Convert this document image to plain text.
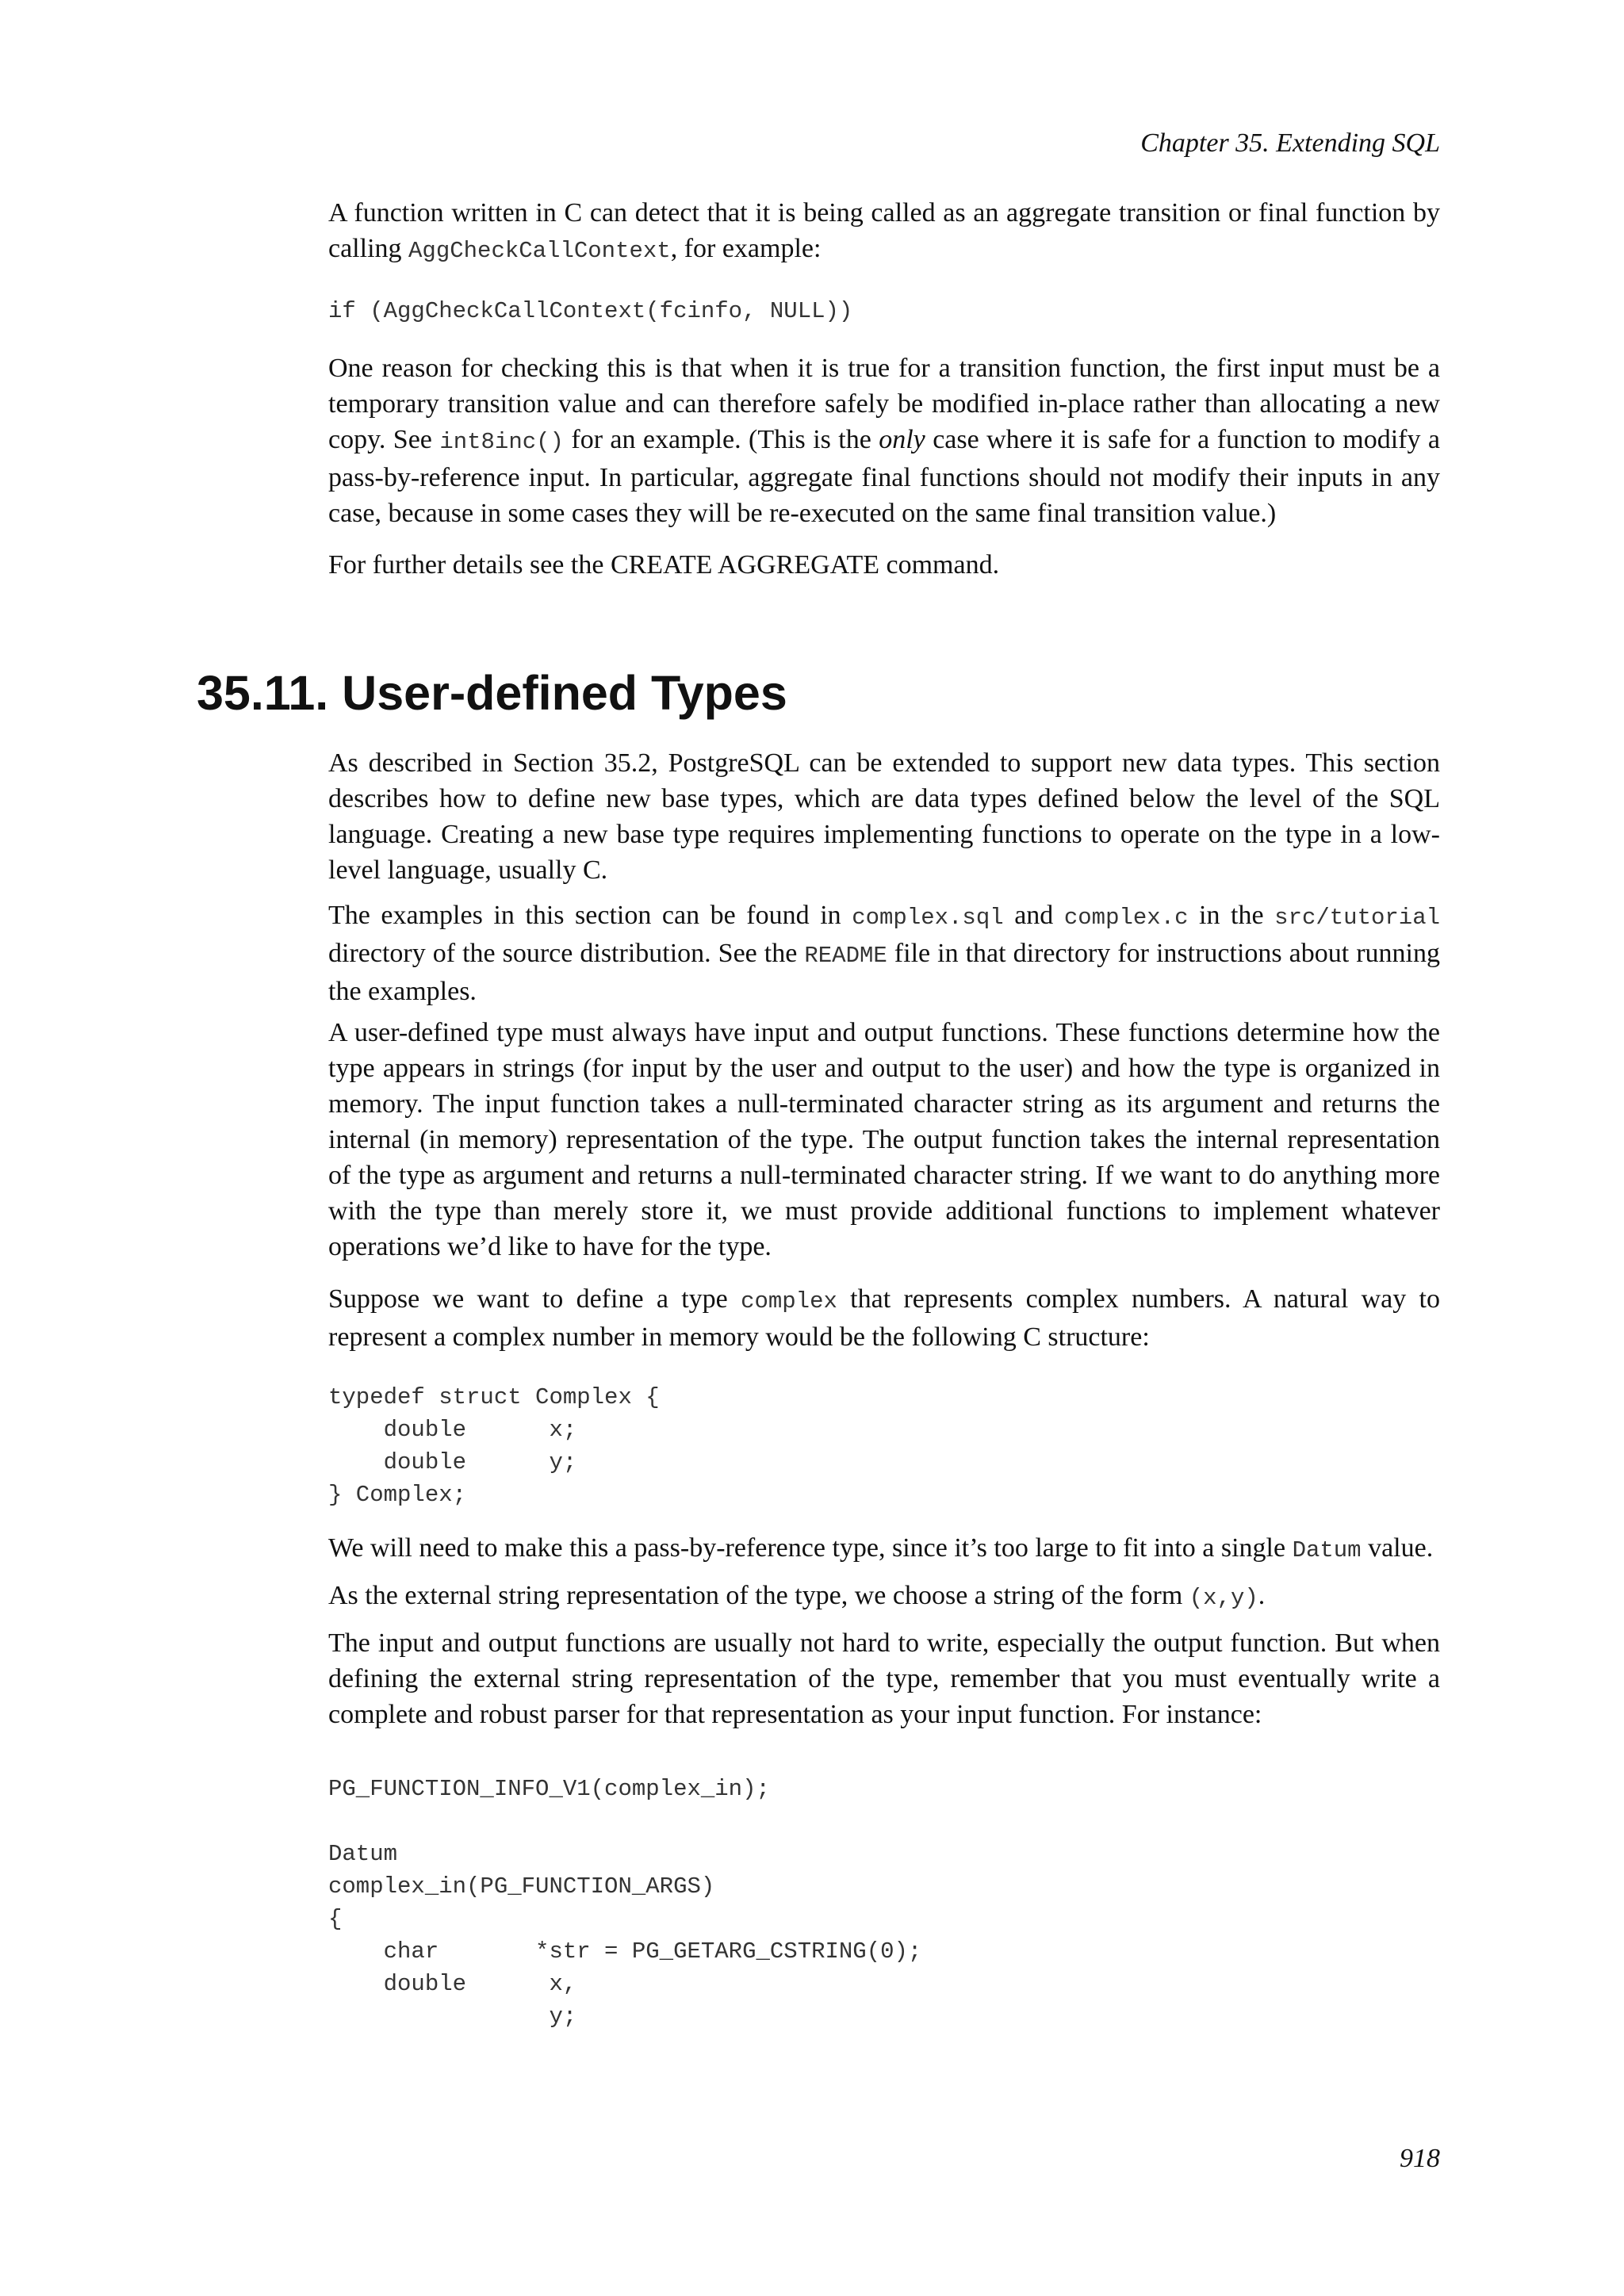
Chapter 35. Extending SQL

A function written in C can detect that it is being called as an aggregate transition or final function by calling AggCheckCallContext, for example:

if (AggCheckCallContext(fcinfo, NULL))

One reason for checking this is that when it is true for a transition function, the first input must be a temporary transition value and can therefore safely be modified in-place rather than allocating a new copy. See int8inc() for an example. (This is the only case where it is safe for a function to modify a pass-by-reference input. In particular, aggregate final functions should not modify their inputs in any case, because in some cases they will be re-executed on the same final transition value.)

For further details see the CREATE AGGREGATE command.

35.11. User-defined Types

As described in Section 35.2, PostgreSQL can be extended to support new data types. This section describes how to define new base types, which are data types defined below the level of the SQL language. Creating a new base type requires implementing functions to operate on the type in a low-level language, usually C.

The examples in this section can be found in complex.sql and complex.c in the src/tutorial directory of the source distribution. See the README file in that directory for instructions about running the examples.

A user-defined type must always have input and output functions. These functions determine how the type appears in strings (for input by the user and output to the user) and how the type is organized in memory. The input function takes a null-terminated character string as its argument and returns the internal (in memory) representation of the type. The output function takes the internal representation of the type as argument and returns a null-terminated character string. If we want to do anything more with the type than merely store it, we must provide additional functions to implement whatever operations we’d like to have for the type.

Suppose we want to define a type complex that represents complex numbers. A natural way to represent a complex number in memory would be the following C structure:

typedef struct Complex {
double      x;
double      y;
} Complex;

We will need to make this a pass-by-reference type, since it’s too large to fit into a single Datum value.

As the external string representation of the type, we choose a string of the form (x,y).

The input and output functions are usually not hard to write, especially the output function. But when defining the external string representation of the type, remember that you must eventually write a complete and robust parser for that representation as your input function. For instance:

PG_FUNCTION_INFO_V1(complex_in);

Datum
complex_in(PG_FUNCTION_ARGS)
{
char       *str = PG_GETARG_CSTRING(0);
double      x,
y;
918
